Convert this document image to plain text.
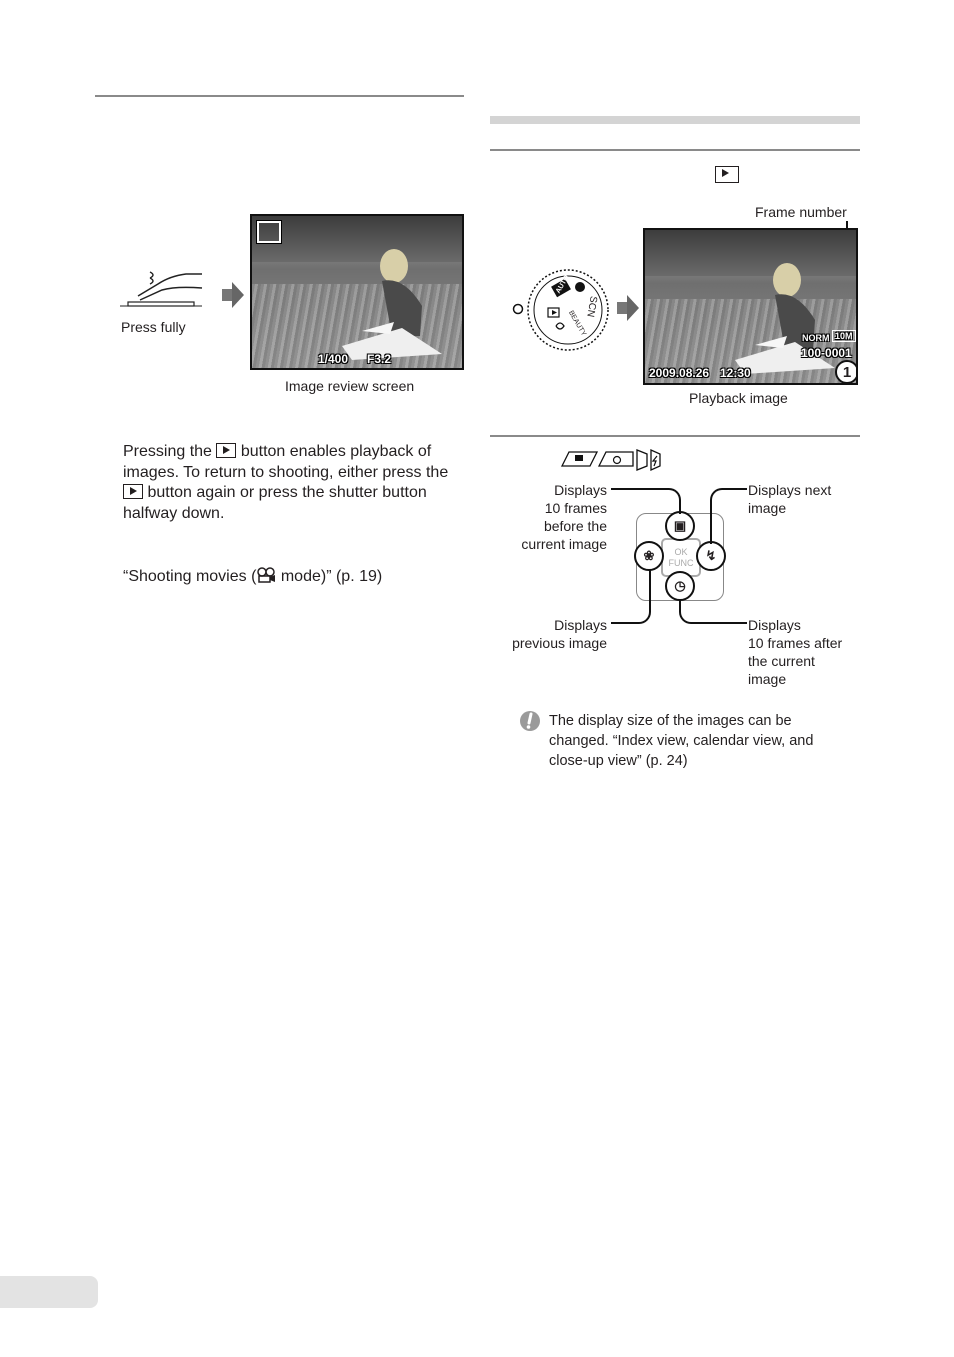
Press fully
1/400 F3.2
Image review screen
Pressing the button enables playback of images. To return to shooting, either press the  button again or press the shutter button halfway down.
“Shooting movies ( mode)” (p. 19)
Frame number
AUTO
SCN
BEAUTY
NORM 10M
100-0001
2009.08.26 12:30	1
Playback image
OK
FUNC
▣
❀	↯
◷
Displays
10 frames
before the
current image
Displays next
image
Displays
previous image
Displays
10 frames after
the current
image
The display size of the images can be changed. “Index view, calendar view, and close-up view” (p. 24)
